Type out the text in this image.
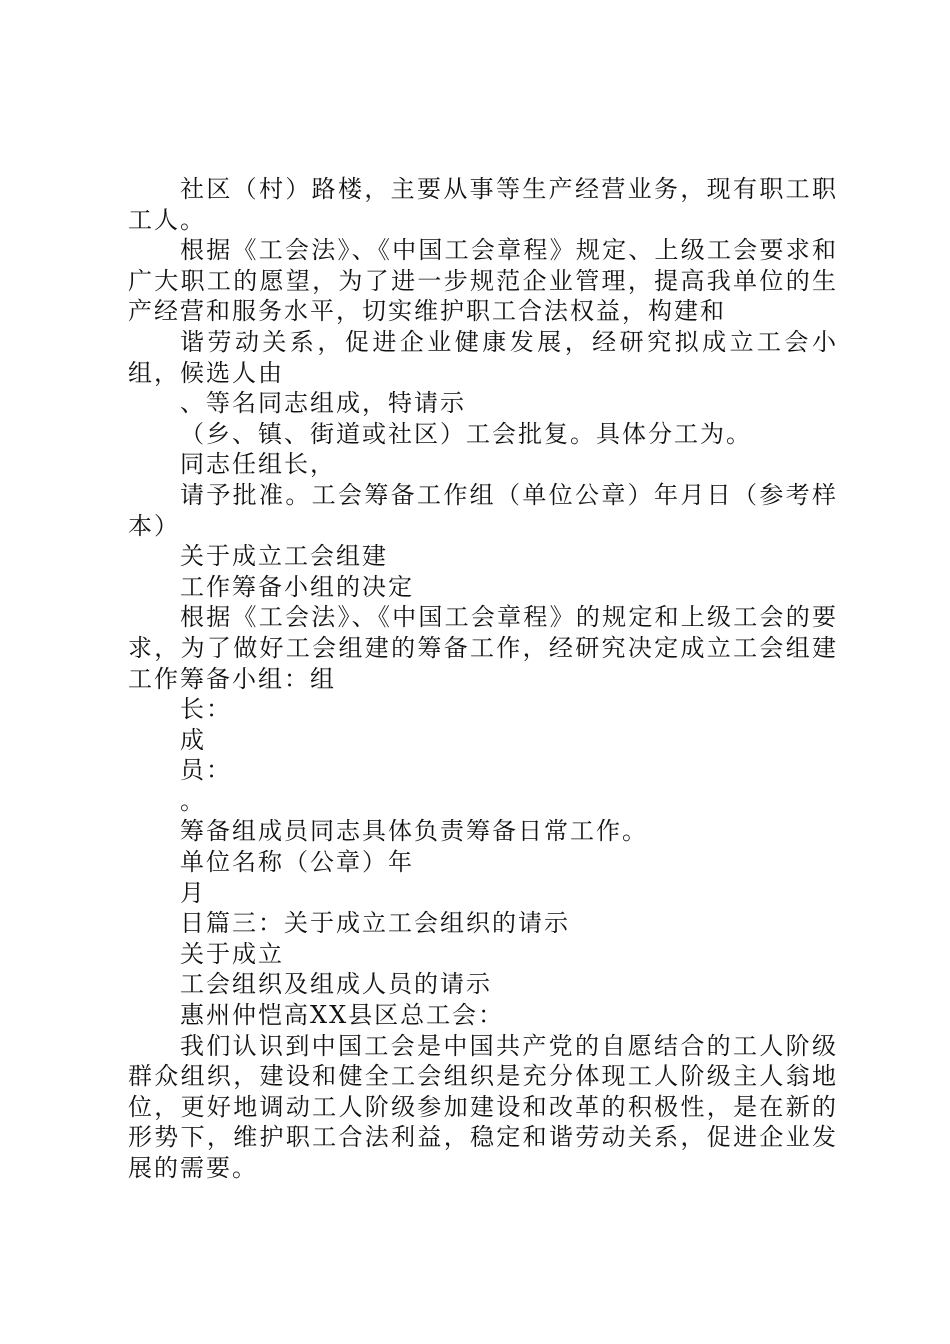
社区（村）路楼，主要从事等生产经营业务，现有职工职工人。

根据《工会法》、《中国工会章程》规定、上级工会要求和广大职工的愿望，为了进一步规范企业管理，提高我单位的生产经营和服务水平，切实维护职工合法权益，构建和

谐劳动关系，促进企业健康发展，经研究拟成立工会小组，候选人由

、等名同志组成，特请示

（乡、镇、街道或社区）工会批复。具体分工为。

同志任组长，

请予批准。工会筹备工作组（单位公章）年月日（参考样本）

关于成立工会组建

工作筹备小组的决定

根据《工会法》、《中国工会章程》的规定和上级工会的要求，为了做好工会组建的筹备工作，经研究决定成立工会组建工作筹备小组：组

长：

成

员：

。

筹备组成员同志具体负责筹备日常工作。

单位名称（公章）年

月

日篇三：关于成立工会组织的请示

关于成立

工会组织及组成人员的请示

惠州仲恺高XX县区总工会：

我们认识到中国工会是中国共产党的自愿结合的工人阶级群众组织，建设和健全工会组织是充分体现工人阶级主人翁地位，更好地调动工人阶级参加建设和改革的积极性，是在新的形势下，维护职工合法利益，稳定和谐劳动关系，促进企业发展的需要。
